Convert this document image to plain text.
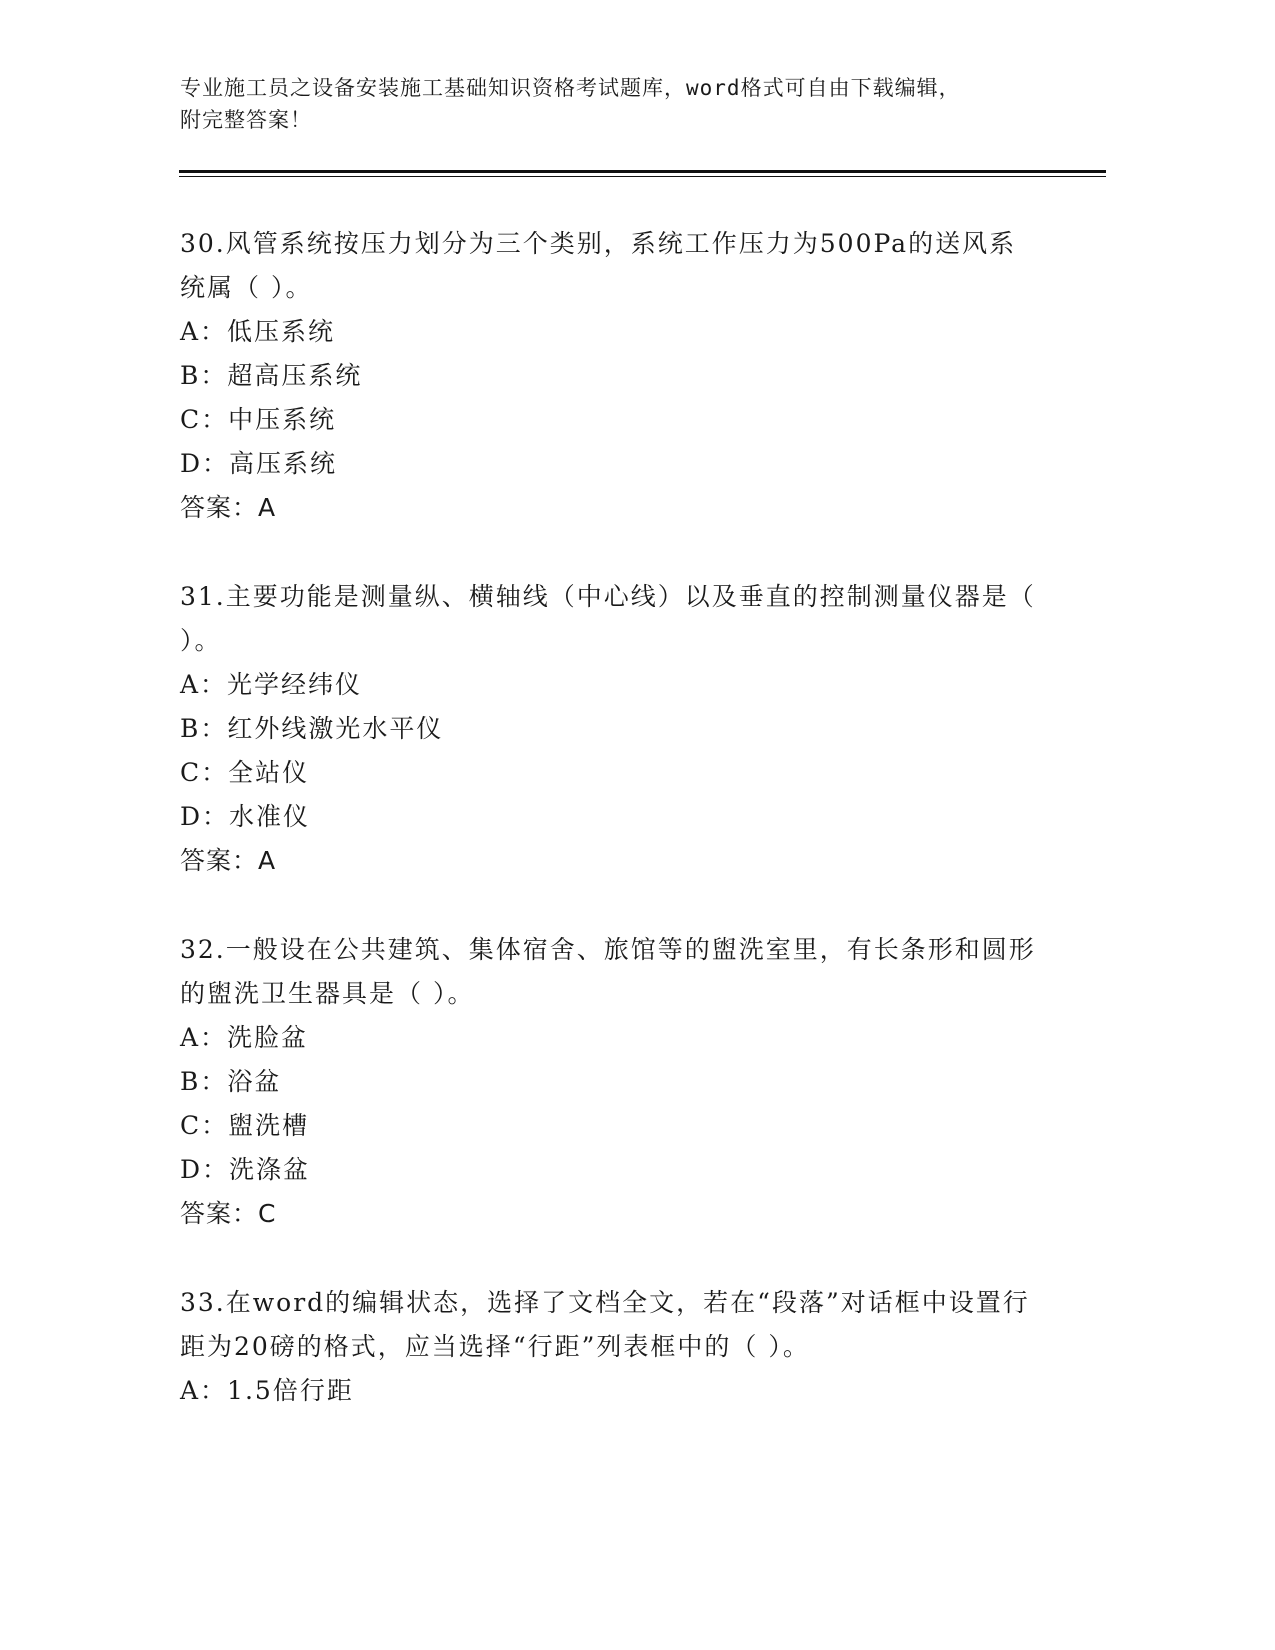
专业施工员之设备安装施工基础知识资格考试题库，word格式可自由下载编辑，
附完整答案！

30.风管系统按压力划分为三个类别，系统工作压力为500Pa的送风系统属（ ）。

A：低压系统
B：超高压系统
C：中压系统
D：高压系统
答案：A

31.主要功能是测量纵、横轴线（中心线）以及垂直的控制测量仪器是（ ）。

A：光学经纬仪
B：红外线激光水平仪
C：全站仪
D：水准仪
答案：A

32.一般设在公共建筑、集体宿舍、旅馆等的盥洗室里，有长条形和圆形的盥洗卫生器具是（ ）。

A：洗脸盆
B：浴盆
C：盥洗槽
D：洗涤盆
答案：C

33.在word的编辑状态，选择了文档全文，若在“段落”对话框中设置行距为20磅的格式，应当选择“行距”列表框中的（ ）。

A：1.5倍行距
